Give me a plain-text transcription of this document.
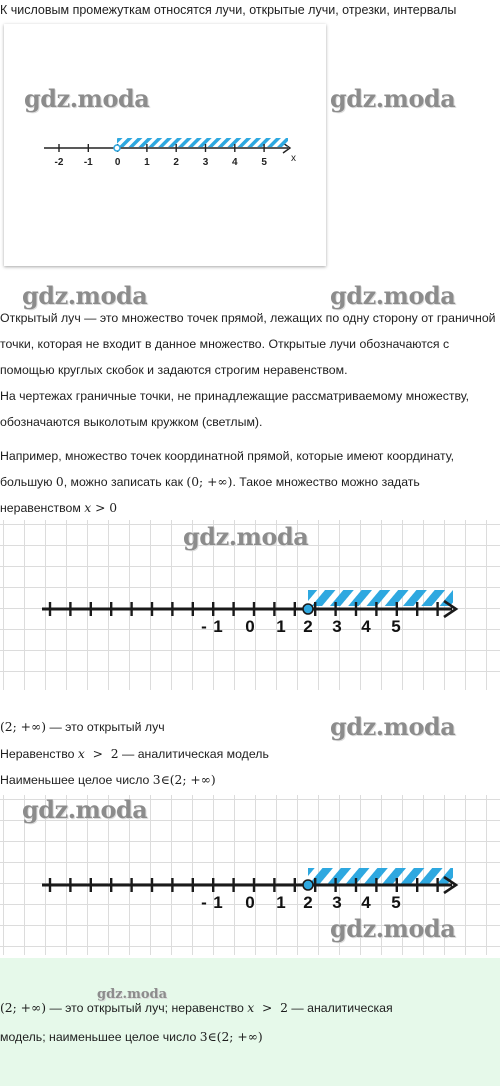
К числовым промежуткам относятся лучи, открытые лучи, отрезки, интервалы
-2 -1 0 1 2 3 4 5 x
gdz.moda	gdz.moda
gdz.moda	gdz.moda
Открытый луч — это множество точек прямой, лежащих по одну сторону от граничной точки, которая не входит в данное множество. Открытые лучи обозначаются с помощью круглых скобок и задаются строгим неравенством.
На чертежах граничные точки, не принадлежащие рассматриваемому множеству, обозначаются выколотым кружком (светлым).
Например, множество точек координатной прямой, которые имеют координату, большую 0, можно записать как (0; +∞). Такое множество можно задать неравенством x > 0
- 1 0 1 2 3 4 5
gdz.moda
(2; +∞) — это открытый луч	gdz.moda
Неравенство x  >  2 — аналитическая модель
Наименьшее целое число 3∈(2; +∞)
- 1 0 1 2 3 4 5
gdz.moda
gdz.moda
gdz.moda
(2; +∞) — это открытый луч; неравенство x  >  2 — аналитическая
модель; наименьшее целое число 3∈(2; +∞)
